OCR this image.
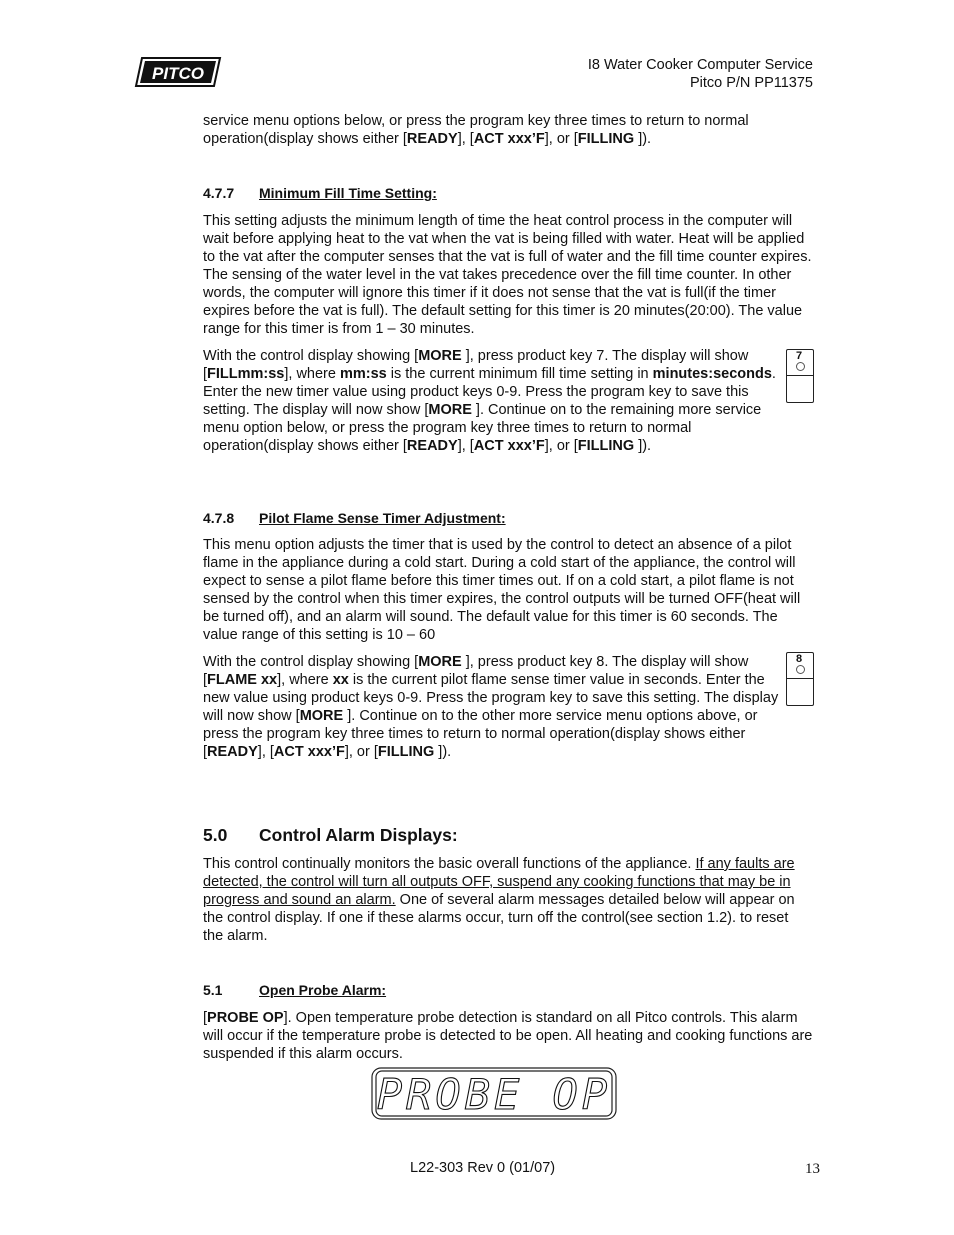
PITCO	I8 Water Cooker Computer Service
Pitco P/N PP11375
service menu options below, or press the program key three times to return to normal operation(display shows either [READY], [ACT xxx’F], or [FILLING ]).
4.7.7 Minimum Fill Time Setting:
This setting adjusts the minimum length of time the heat control process in the computer will wait before applying heat to the vat when the vat is being filled with water. Heat will be applied to the vat after the computer senses that the vat is full of water and the fill time counter expires. The sensing of the water level in the vat takes precedence over the fill time counter. In other words, the computer will ignore this timer if it does not sense that the vat is full(if the timer expires before the vat is full). The default setting for this timer is 20 minutes(20:00). The value range for this timer is from 1 – 30 minutes.
With the control display showing [MORE ], press product key 7. The display will show [FILLmm:ss], where mm:ss is the current minimum fill time setting in minutes:seconds. Enter the new timer value using product keys 0-9. Press the program key to save this setting. The display will now show [MORE ]. Continue on to the remaining more service menu option below, or press the program key three times to return to normal operation(display shows either [READY], [ACT xxx’F], or [FILLING ]).
7
4.7.8 Pilot Flame Sense Timer Adjustment:
This menu option adjusts the timer that is used by the control to detect an absence of a pilot flame in the appliance during a cold start. During a cold start of the appliance, the control will expect to sense a pilot flame before this timer times out. If on a cold start, a pilot flame is not sensed by the control when this timer expires, the control outputs will be turned OFF(heat will be turned off), and an alarm will sound. The default value for this timer is 60 seconds. The value range of this setting is 10 – 60
With the control display showing [MORE ], press product key 8. The display will show [FLAME xx], where xx is the current pilot flame sense timer value in seconds. Enter the new value using product keys 0-9. Press the program key to save this setting. The display will now show [MORE ]. Continue on to the other more service menu options above, or press the program key three times to return to normal operation(display shows either [READY], [ACT xxx’F], or [FILLING ]).
8
5.0 Control Alarm Displays:
This control continually monitors the basic overall functions of the appliance. If any faults are detected, the control will turn all outputs OFF, suspend any cooking functions that may be in progress and sound an alarm. One of several alarm messages detailed below will appear on the control display. If one if these alarms occur, turn off the control(see section 1.2). to reset the alarm.
5.1	Open Probe Alarm:
[PROBE OP]. Open temperature probe detection is standard on all Pitco controls. This alarm will occur if the temperature probe is detected to be open. All heating and cooking functions are suspended if this alarm occurs.
PROBE OP
L22-303 Rev 0 (01/07)	13
